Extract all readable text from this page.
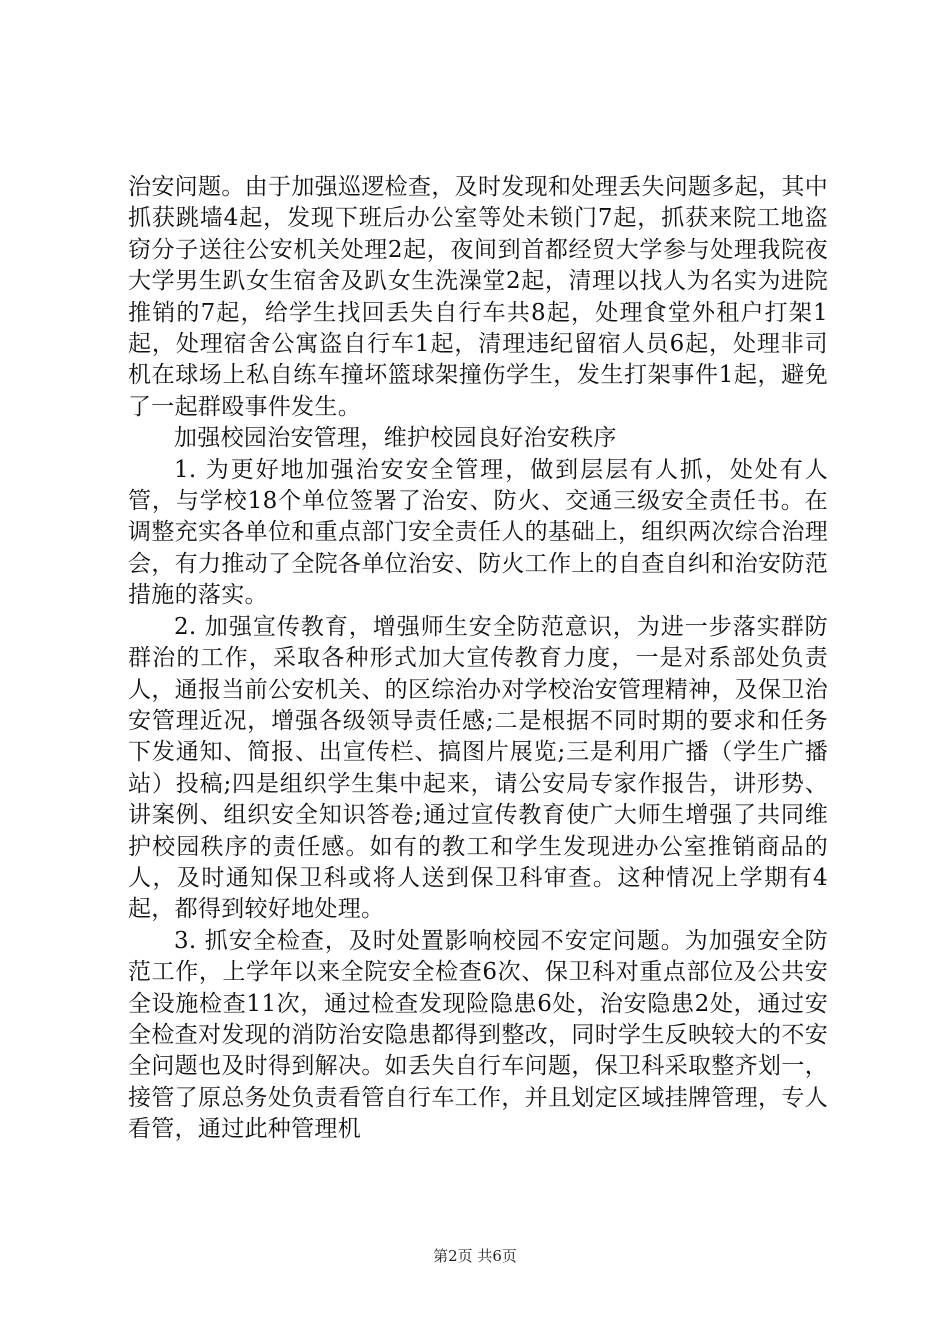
治安问题。由于加强巡逻检查，及时发现和处理丢失问题多起，其中抓获跳墙4起，发现下班后办公室等处未锁门7起，抓获来院工地盗窃分子送往公安机关处理2起，夜间到首都经贸大学参与处理我院夜大学男生趴女生宿舍及趴女生洗澡堂2起，清理以找人为名实为进院推销的7起，给学生找回丢失自行车共8起，处理食堂外租户打架1起，处理宿舍公寓盗自行车1起，清理违纪留宿人员6起，处理非司机在球场上私自练车撞坏篮球架撞伤学生，发生打架事件1起，避免了一起群殴事件发生。

加强校园治安管理，维护校园良好治安秩序

1. 为更好地加强治安安全管理，做到层层有人抓，处处有人管，与学校18个单位签署了治安、防火、交通三级安全责任书。在调整充实各单位和重点部门安全责任人的基础上，组织两次综合治理会，有力推动了全院各单位治安、防火工作上的自查自纠和治安防范措施的落实。

2. 加强宣传教育，增强师生安全防范意识，为进一步落实群防群治的工作，采取各种形式加大宣传教育力度，一是对系部处负责人，通报当前公安机关、的区综治办对学校治安管理精神，及保卫治安管理近况，增强各级领导责任感;二是根据不同时期的要求和任务下发通知、简报、出宣传栏、搞图片展览;三是利用广播（学生广播站）投稿;四是组织学生集中起来，请公安局专家作报告，讲形势、讲案例、组织安全知识答卷;通过宣传教育使广大师生增强了共同维护校园秩序的责任感。如有的教工和学生发现进办公室推销商品的人，及时通知保卫科或将人送到保卫科审查。这种情况上学期有4起，都得到较好地处理。

3. 抓安全检查，及时处置影响校园不安定问题。为加强安全防范工作，上学年以来全院安全检查6次、保卫科对重点部位及公共安全设施检查11次，通过检查发现险隐患6处，治安隐患2处，通过安全检查对发现的消防治安隐患都得到整改，同时学生反映较大的不安全问题也及时得到解决。如丢失自行车问题，保卫科采取整齐划一，接管了原总务处负责看管自行车工作，并且划定区域挂牌管理，专人看管，通过此种管理机

第2页 共6页
